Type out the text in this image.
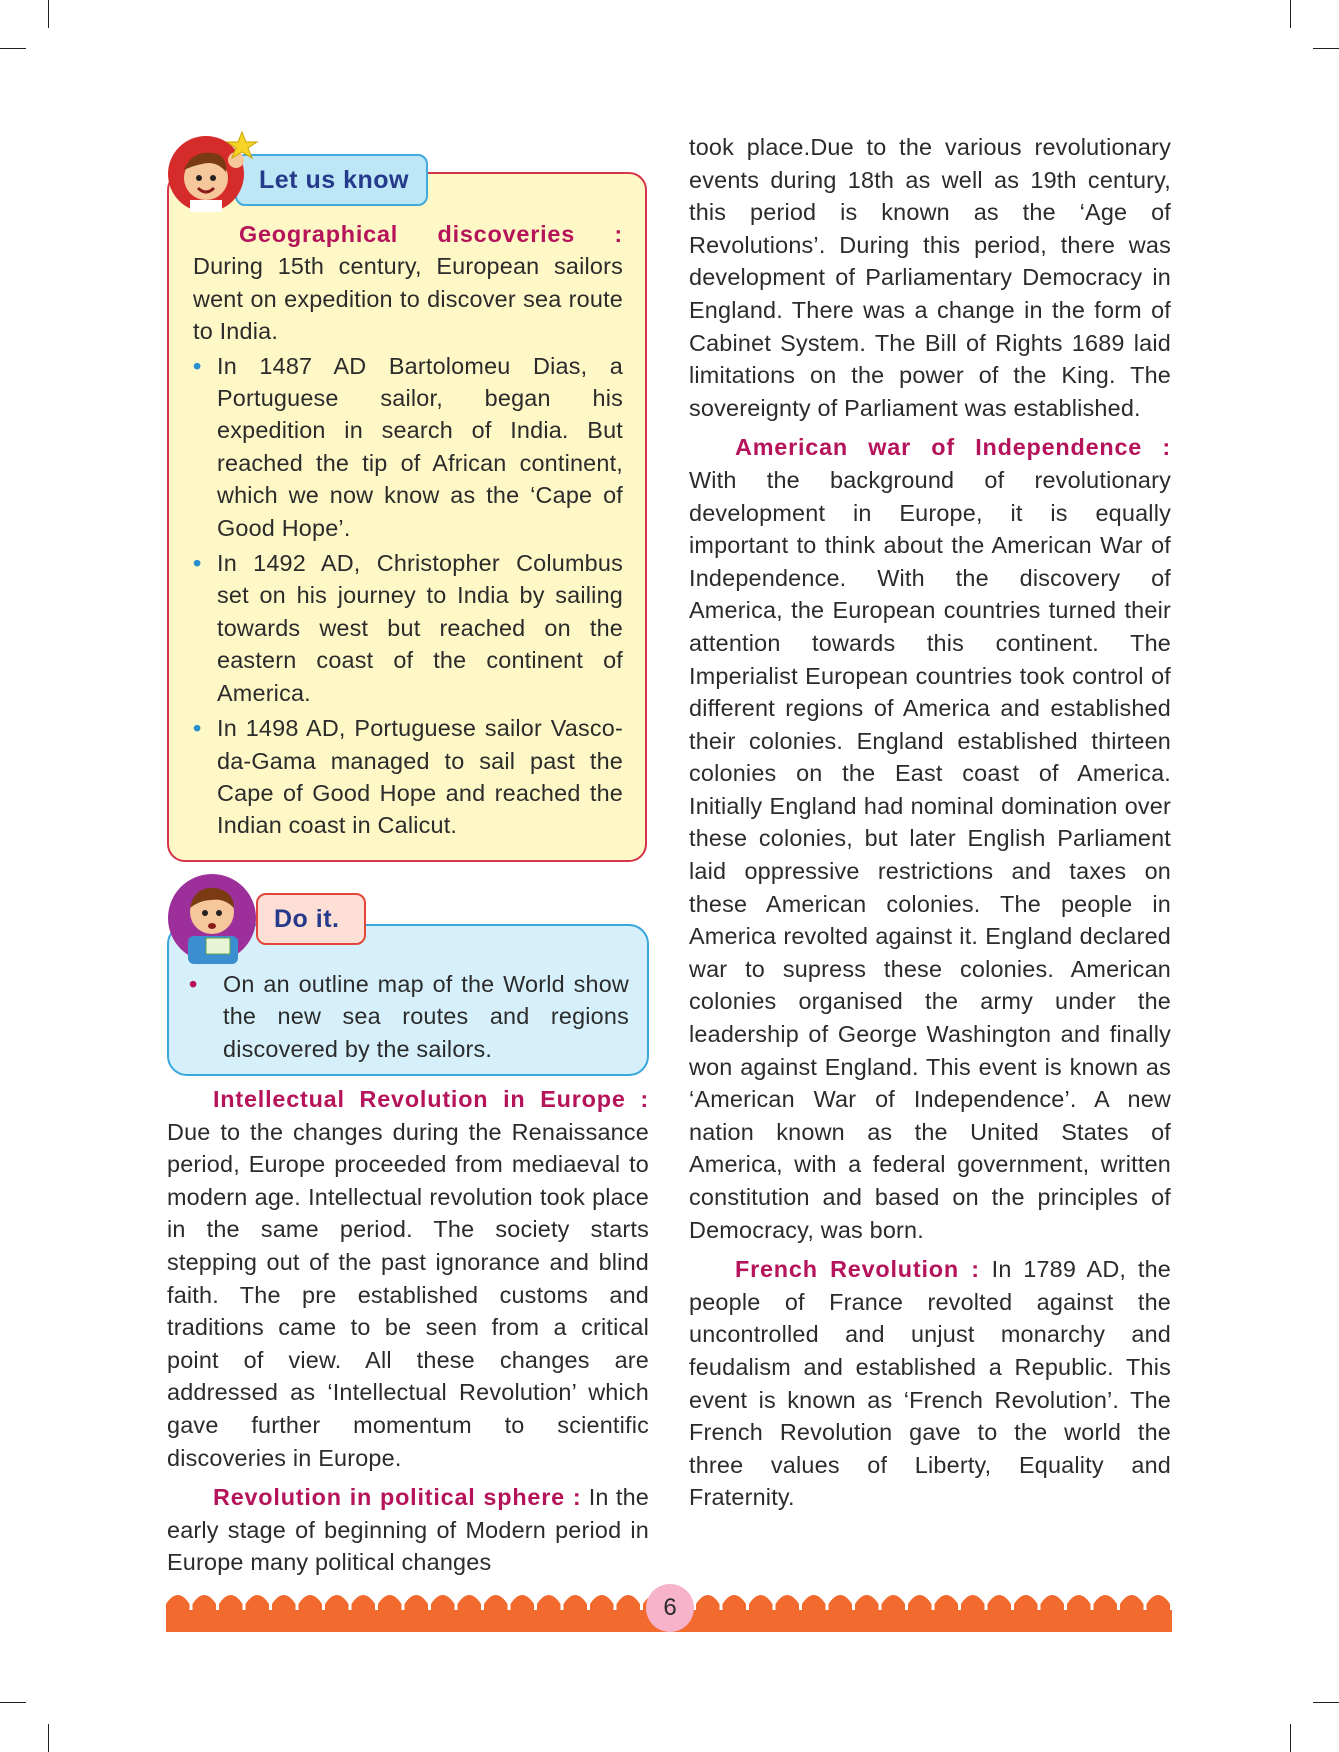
Geographical discoveries : During 15th century, European sailors went on expedition to discover sea route to India.
• In 1487 AD Bartolomeu Dias, a Portuguese sailor, began his expedition in search of India. But reached the tip of African continent, which we now know as the ‘Cape of Good Hope’.
• In 1492 AD, Christopher Columbus set on his journey to India by sailing towards west but reached on the eastern coast of the continent of America.
• In 1498 AD, Portuguese sailor Vasco-da-Gama managed to sail past the Cape of Good Hope and reached the Indian coast in Calicut.
Let us know
• On an outline map of the World show the new sea routes and regions discovered by the sailors.
Do it.

Intellectual Revolution in Europe : Due to the changes during the Renaissance period, Europe proceeded from mediaeval to modern age. Intellectual revolution took place in the same period. The society starts stepping out of the past ignorance and blind faith. The pre established customs and traditions came to be seen from a critical point of view. All these changes are addressed as ‘Intellectual Revolution’ which gave further momentum to scientific discoveries in Europe.

Revolution in political sphere : In the early stage of beginning of Modern period in Europe many political changes

took place.Due to the various revolutionary events during 18th as well as 19th century, this period is known as the ‘Age of Revolutions’. During this period, there was development of Parliamentary Democracy in England. There was a change in the form of Cabinet System. The Bill of Rights 1689 laid limitations on the power of the King. The sovereignty of Parliament was established.

American war of Independence : With the background of revolutionary development in Europe, it is equally important to think about the American War of Independence. With the discovery of America, the European countries turned their attention towards this continent. The Imperialist European countries took control of different regions of America and established their colonies. England established thirteen colonies on the East coast of America. Initially England had nominal domination over these colonies, but later English Parliament laid oppressive restrictions and taxes on these American colonies. The people in America revolted against it. England declared war to supress these colonies. American colonies organised the army under the leadership of George Washington and finally won against England. This event is known as ‘American War of Independence’. A new nation known as the United States of America, with a federal government, written constitution and based on the principles of Democracy, was born.

French Revolution : In 1789 AD, the people of France revolted against the uncontrolled and unjust monarchy and feudalism and established a Republic. This event is known as ‘French Revolution’. The French Revolution gave to the world the three values of Liberty, Equality and Fraternity.

6
